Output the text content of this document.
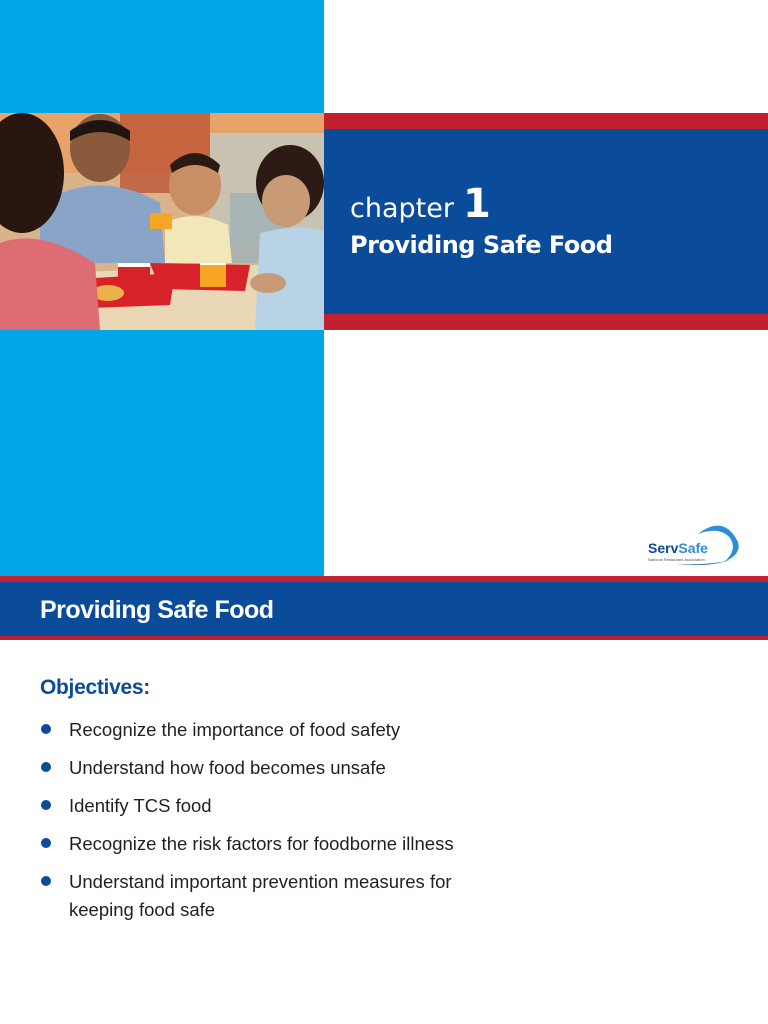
chapter 1
Providing Safe Food
ServSafe
National Restaurant Association
Providing Safe Food
Objectives:
Recognize the importance of food safety
Understand how food becomes unsafe
Identify TCS food
Recognize the risk factors for foodborne illness
Understand important prevention measures for keeping food safe
